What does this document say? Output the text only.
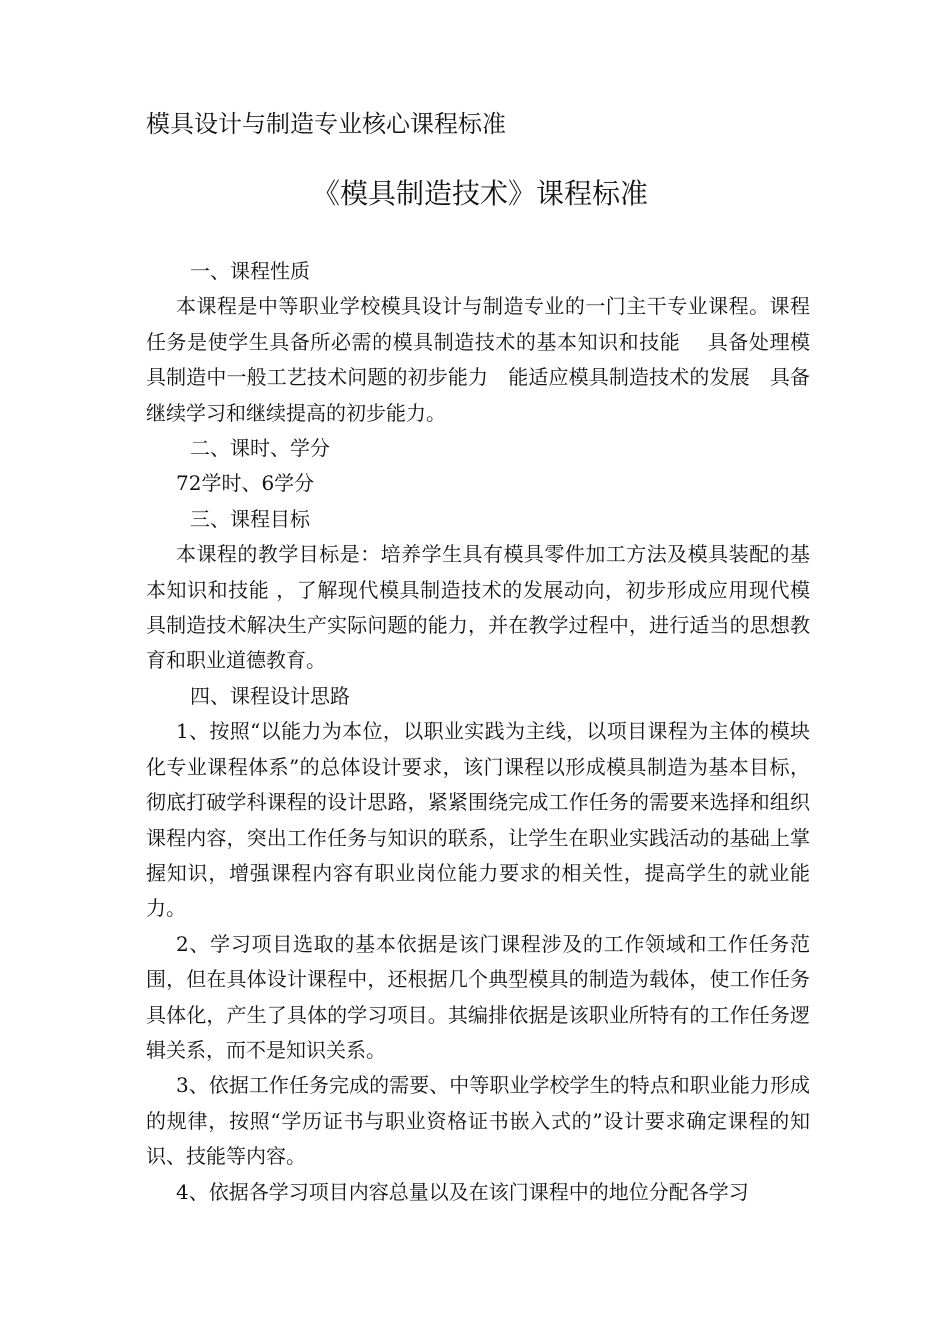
模具设计与制造专业核心课程标准
《模具制造技术》课程标准
一、课程性质

本课程是中等职业学校模具设计与制造专业的一门主干专业课程。课程任务是使学生具备所必需的模具制造技术的基本知识和技能　 具备处理模具制造中一般工艺技术问题的初步能力　能适应模具制造技术的发展　具备继续学习和继续提高的初步能力。

二、课时、学分

72学时、6学分

三、课程目标

本课程的教学目标是：培养学生具有模具零件加工方法及模具装配的基本知识和技能 ，了解现代模具制造技术的发展动向，初步形成应用现代模具制造技术解决生产实际问题的能力，并在教学过程中，进行适当的思想教育和职业道德教育。

四、课程设计思路

1、按照“以能力为本位，以职业实践为主线，以项目课程为主体的模块化专业课程体系”的总体设计要求，该门课程以形成模具制造为基本目标，彻底打破学科课程的设计思路，紧紧围绕完成工作任务的需要来选择和组织课程内容，突出工作任务与知识的联系，让学生在职业实践活动的基础上掌握知识，增强课程内容有职业岗位能力要求的相关性，提高学生的就业能力。

2、学习项目选取的基本依据是该门课程涉及的工作领域和工作任务范围，但在具体设计课程中，还根据几个典型模具的制造为载体，使工作任务具体化，产生了具体的学习项目。其编排依据是该职业所特有的工作任务逻辑关系，而不是知识关系。

3、依据工作任务完成的需要、中等职业学校学生的特点和职业能力形成的规律，按照“学历证书与职业资格证书嵌入式的”设计要求确定课程的知识、技能等内容。

4、依据各学习项目内容总量以及在该门课程中的地位分配各学习
